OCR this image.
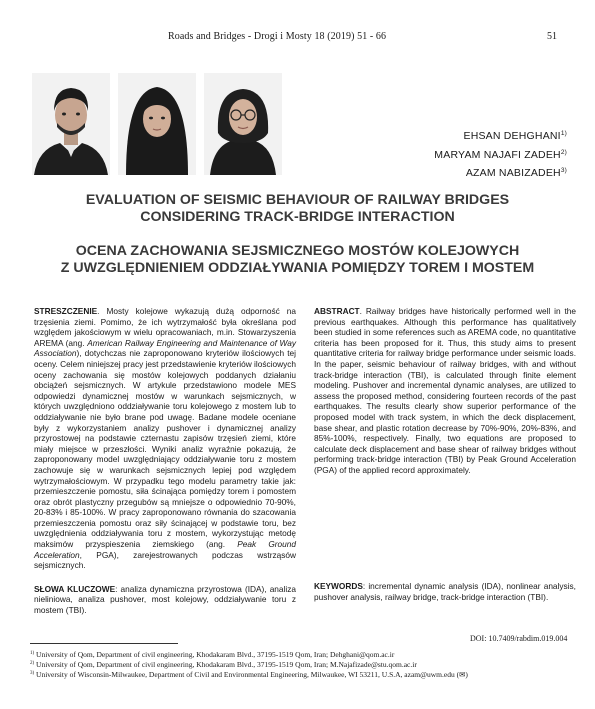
Roads and Bridges - Drogi i Mosty 18 (2019) 51 - 66	51
EHSAN DEHGHANI$^{1)}$
MARYAM NAJAFI ZADEH$^{2)}$
AZAM NABIZADEH$^{3)}$
EVALUATION OF SEISMIC BEHAVIOUR OF RAILWAY BRIDGES
CONSIDERING TRACK-BRIDGE INTERACTION
OCENA ZACHOWANIA SEJSMICZNEGO MOSTÓW KOLEJOWYCH
Z UWZGLĘDNIENIEM ODDZIAŁYWANIA POMIĘDZY TOREM I MOSTEM

STRESZCZENIE. Mosty kolejowe wykazują dużą odporność na trzęsienia ziemi. Pomimo, że ich wytrzymałość była określana pod względem jakościowym w wielu opracowaniach, m.in. Stowarzyszenia AREMA (ang. American Railway Engineering and Maintenance of Way Association), dotychczas nie zaproponowano kryteriów ilościowych tej oceny. Celem niniejszej pracy jest przedstawienie kryteriów ilościowych oceny zachowania się mostów kolejowych poddanych działaniu obciążeń sejsmicznych. W artykule przedstawiono modele MES odpowiedzi dynamicznej mostów w warunkach sejsmicznych, w których uwzględniono oddziaływanie toru kolejowego z mostem lub to oddziaływanie nie było brane pod uwagę. Badane modele oceniane były z wykorzystaniem analizy pushover i dynamicznej analizy przyrostowej na podstawie czternastu zapisów trzęsień ziemi, które miały miejsce w przeszłości. Wyniki analiz wyraźnie pokazują, że zaproponowany model uwzględniający oddziaływanie toru z mostem zachowuje się w warunkach sejsmicznych lepiej pod względem wytrzymałościowym. W przypadku tego modelu parametry takie jak: przemieszczenie pomostu, siła ścinająca pomiędzy torem i pomostem oraz obrót plastyczny przegubów są mniejsze o odpowiednio 70-90%, 20-83% i 85-100%. W pracy zaproponowano równania do szacowania przemieszczenia pomostu oraz siły ścinającej w podstawie toru, bez uwzględnienia oddziaływania toru z mostem, wykorzystując metodę maksimów przyspieszenia ziemskiego (ang. Peak Ground Acceleration, PGA), zarejestrowanych podczas wstrząsów sejsmicznych.

SŁOWA KLUCZOWE: analiza dynamiczna przyrostowa (IDA), analiza nieliniowa, analiza pushover, most kolejowy, oddziaływanie toru z mostem (TBI).

ABSTRACT. Railway bridges have historically performed well in the previous earthquakes. Although this performance has qualitatively been studied in some references such as AREMA code, no quantitative criteria has been proposed for it. Thus, this study aims to present quantitative criteria for railway bridge performance under seismic loads. In the paper, seismic behaviour of railway bridges, with and without track-bridge interaction (TBI), is calculated through finite element modeling. Pushover and incremental dynamic analyses, are utilized to assess the proposed method, considering fourteen records of the past earthquakes. The results clearly show superior performance of the proposed model with track system, in which the deck displacement, base shear, and plastic rotation decrease by 70%-90%, 20%-83%, and 85%-100%, respectively. Finally, two equations are proposed to calculate deck displacement and base shear of railway bridges without performing track-bridge interaction (TBI) by Peak Ground Acceleration (PGA) of the applied record approximately.

KEYWORDS: incremental dynamic analysis (IDA), nonlinear analysis, pushover analysis, railway bridge, track-bridge interaction (TBI).

DOI: 10.7409/rabdim.019.004
$^{1)}$ University of Qom, Department of civil engineering, Khodakaram Blvd., 37195-1519 Qom, Iran; Dehghani@qom.ac.ir
$^{2)}$ University of Qom, Department of civil engineering, Khodakaram Blvd., 37195-1519 Qom, Iran; M.Najafizade@stu.qom.ac.ir
$^{3)}$ University of Wisconsin-Milwaukee, Department of Civil and Environmental Engineering, Milwaukee, WI 53211, U.S.A, azam@uwm.edu (✉)
